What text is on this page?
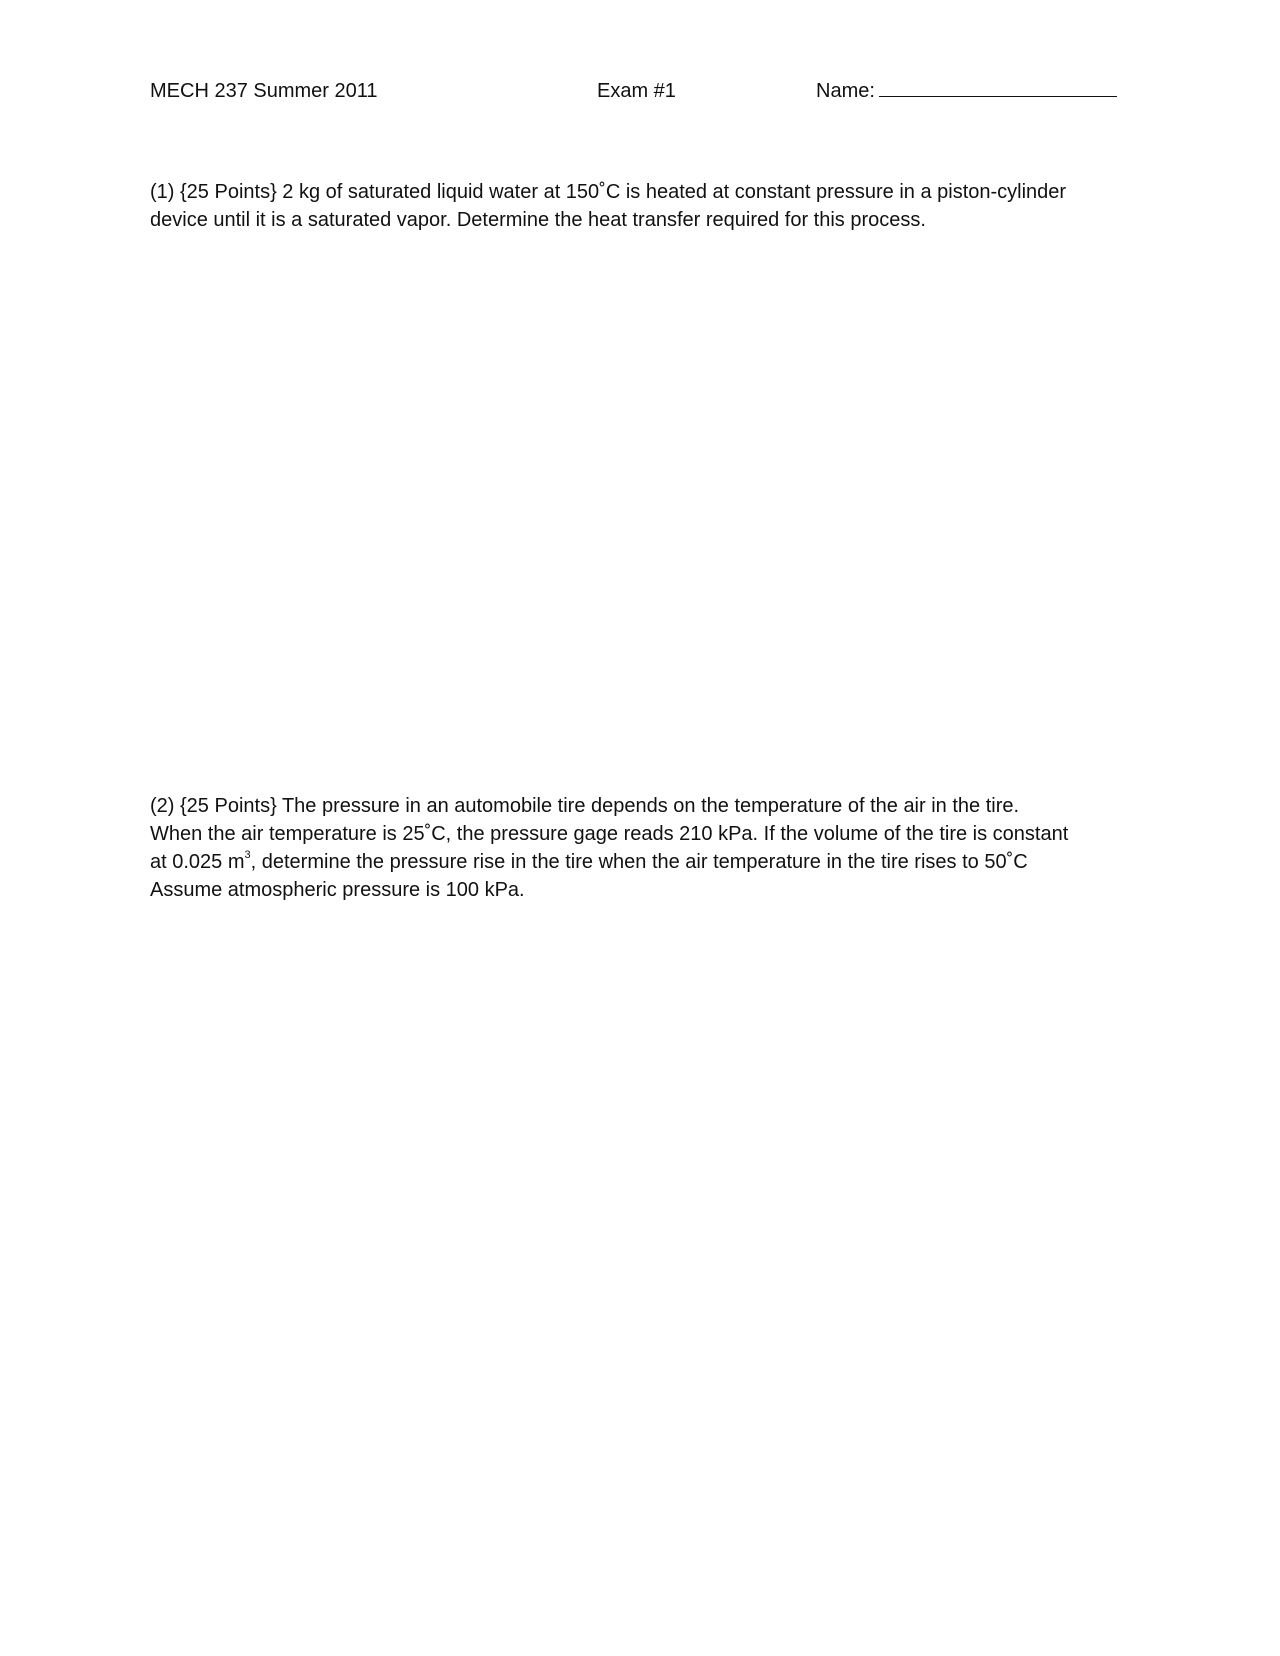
MECH 237 Summer 2011	Exam #1	Name:
(1) {25 Points} 2 kg of saturated liquid water at 150˚C is heated at constant pressure in a piston-cylinder
device until it is a saturated vapor. Determine the heat transfer required for this process.
(2) {25 Points} The pressure in an automobile tire depends on the temperature of the air in the tire.
When the air temperature is 25˚C, the pressure gage reads 210 kPa. If the volume of the tire is constant
at 0.025 $m^3$, determine the pressure rise in the tire when the air temperature in the tire rises to 50˚C
Assume atmospheric pressure is 100 kPa.
